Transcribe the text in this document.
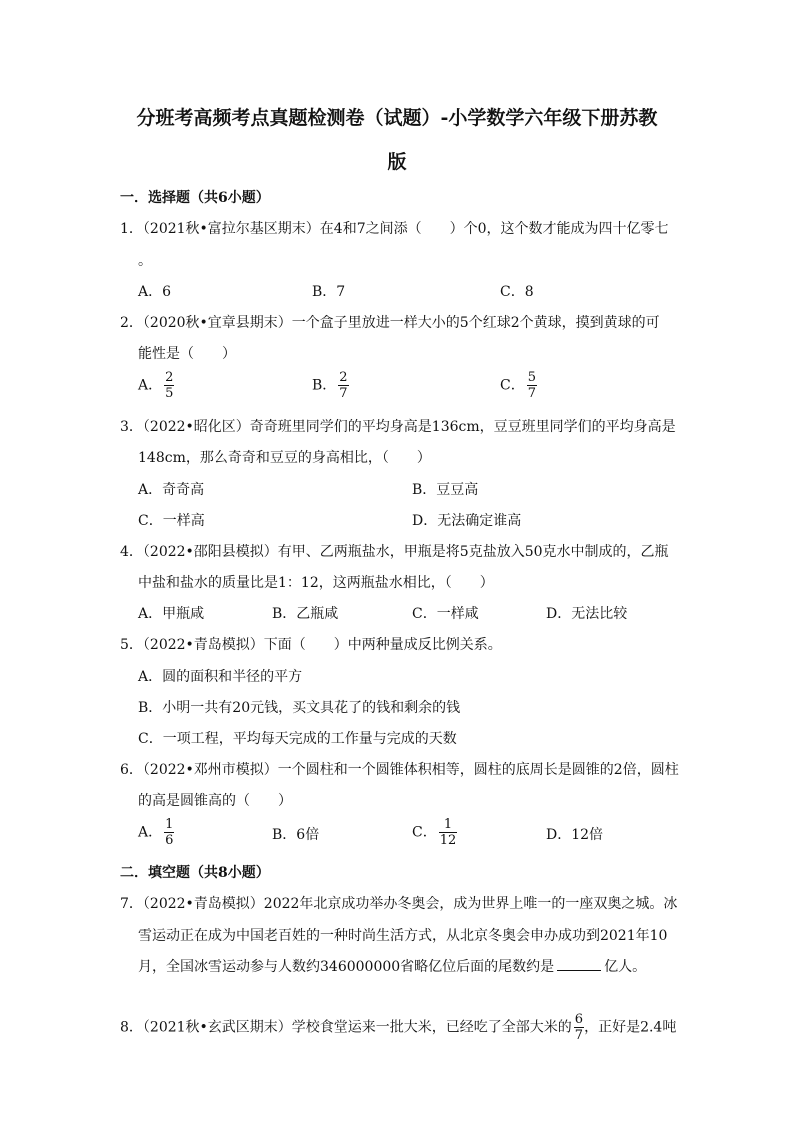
分班考高频考点真题检测卷（试题）-小学数学六年级下册苏教
版
一．选择题（共6小题）
1．（2021秋•富拉尔基区期末）在4和7之间添（　　）个0，这个数才能成为四十亿零七
。
A．6	B．7	C．8
2．（2020秋•宜章县期末）一个盒子里放进一样大小的5个红球2个黄球，摸到黄球的可
能性是（　　）
A． $\frac{2}{5}$	B． $\frac{2}{7}$	C． $\frac{5}{7}$
3．（2022•昭化区）奇奇班里同学们的平均身高是136cm，豆豆班里同学们的平均身高是
148cm，那么奇奇和豆豆的身高相比，（　　）
A．奇奇高	B．豆豆高
C．一样高	D．无法确定谁高
4．（2022•邵阳县模拟）有甲、乙两瓶盐水，甲瓶是将5克盐放入50克水中制成的，乙瓶
中盐和盐水的质量比是1：12，这两瓶盐水相比，（　　）
A．甲瓶咸	B．乙瓶咸	C．一样咸	D．无法比较
5．（2022•青岛模拟）下面（　　）中两种量成反比例关系。
A．圆的面积和半径的平方
B．小明一共有20元钱，买文具花了的钱和剩余的钱
C．一项工程，平均每天完成的工作量与完成的天数
6．（2022•邓州市模拟）一个圆柱和一个圆锥体积相等，圆柱的底周长是圆锥的2倍，圆柱
的高是圆锥高的（　　）
A． $\frac{1}{6}$	B．6倍	C． $\frac{1}{12}$	D．12倍
二．填空题（共8小题）
7．（2022•青岛模拟）2022年北京成功举办冬奥会，成为世界上唯一的一座双奥之城。冰
雪运动正在成为中国老百姓的一种时尚生活方式，从北京冬奥会申办成功到2021年10
月，全国冰雪运动参与人数约346000000省略亿位后面的尾数约是	亿人。
8．（2021秋•玄武区期末）学校食堂运来一批大米，已经吃了全部大米的 $\frac{6}{7}$ ，正好是2.4吨
